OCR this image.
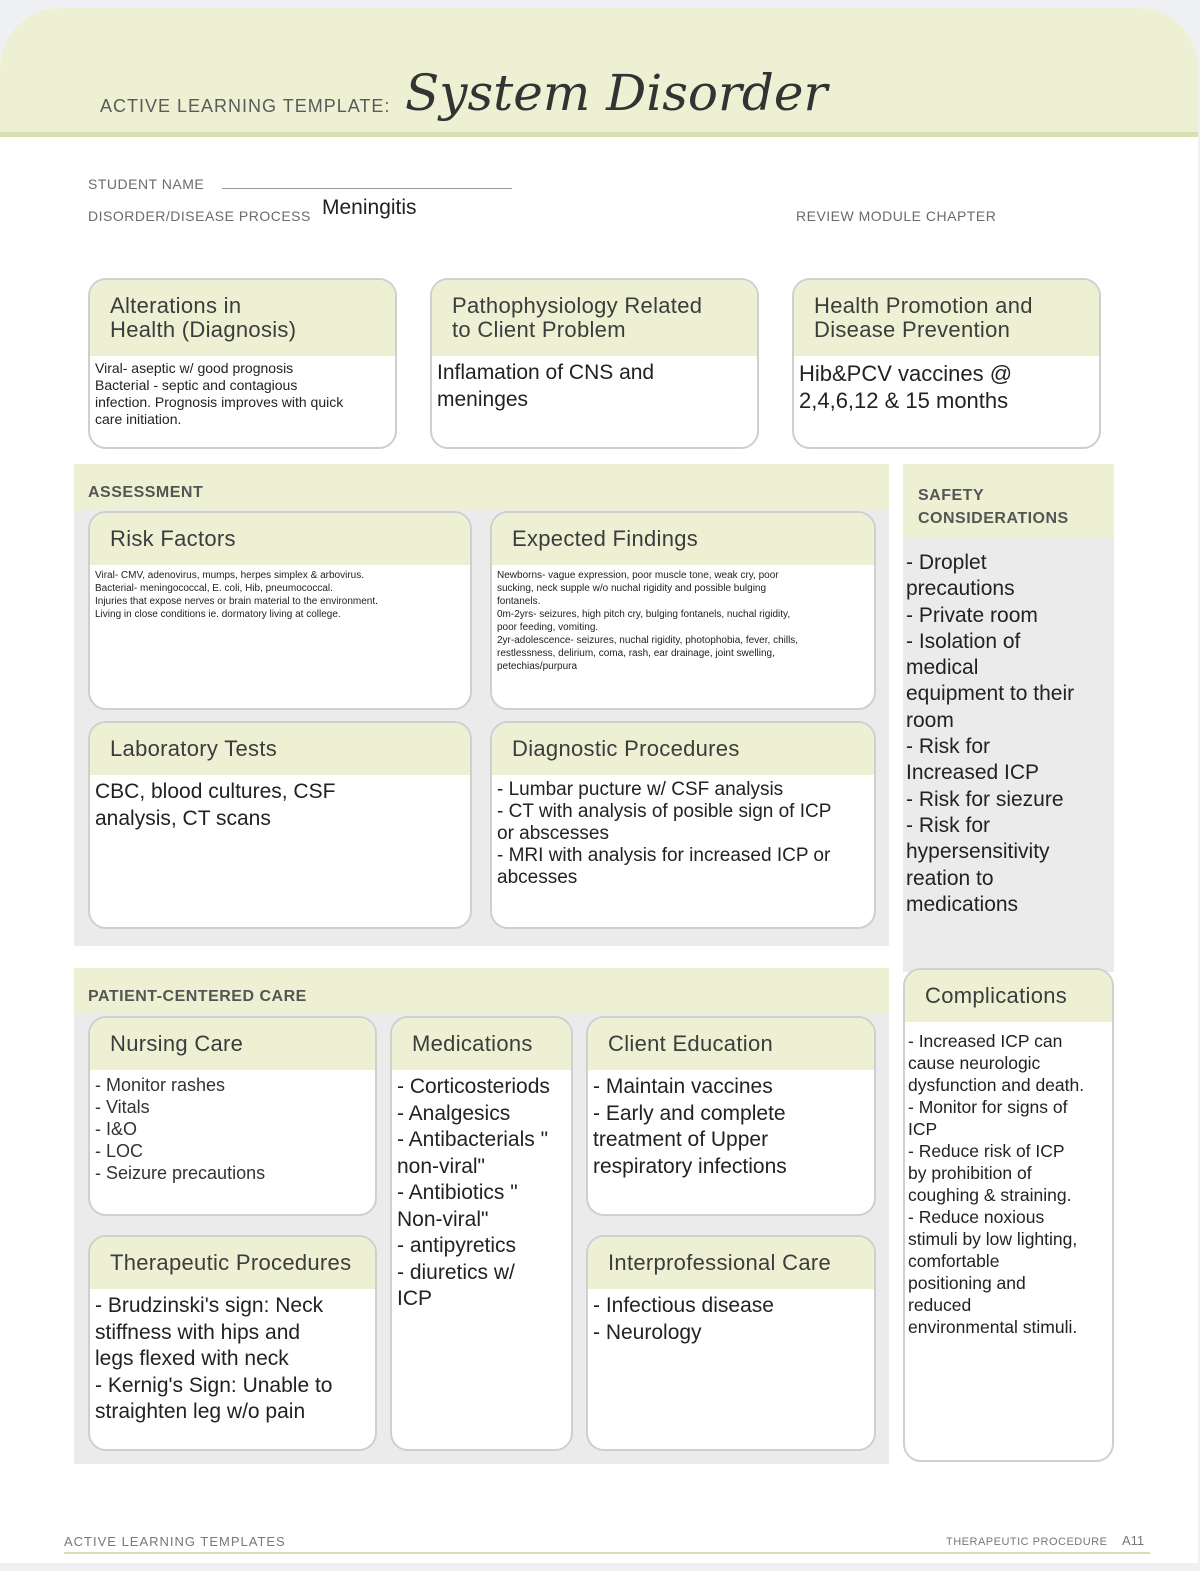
ACTIVE LEARNING TEMPLATE: System Disorder
STUDENT NAME
DISORDER/DISEASE PROCESS Meningitis	REVIEW MODULE CHAPTER
Alterations in
Health (Diagnosis)
Viral- aseptic w/ good prognosis
Bacterial - septic and contagious
infection. Prognosis improves with quick
care initiation.
Pathophysiology Related
to Client Problem
Inflamation of CNS and
meninges
Health Promotion and
Disease Prevention
Hib&PCV vaccines @
2,4,6,12 & 15 months
ASSESSMENT
Risk Factors
Viral- CMV, adenovirus, mumps, herpes simplex & arbovirus.
Bacterial- meningococcal, E. coli, Hib, pneumococcal.
Injuries that expose nerves or brain material to the environment.
Living in close conditions ie. dormatory living at college.
Expected Findings
Newborns- vague expression, poor muscle tone, weak cry, poor
sucking, neck supple w/o nuchal rigidity and possible bulging
fontanels.
0m-2yrs- seizures, high pitch cry, bulging fontanels, nuchal rigidity,
poor feeding, vomiting.
2yr-adolescence- seizures, nuchal rigidity, photophobia, fever, chills,
restlessness, delirium, coma, rash, ear drainage, joint swelling,
petechias/purpura
Laboratory Tests
CBC, blood cultures, CSF
analysis, CT scans
Diagnostic Procedures
- Lumbar pucture w/ CSF analysis
- CT with analysis of posible sign of ICP
or abscesses
- MRI with analysis for increased ICP or
abcesses
SAFETY
CONSIDERATIONS
- Droplet
precautions
- Private room
- Isolation of
medical
equipment to their
room
- Risk for
Increased ICP
- Risk for siezure
- Risk for
hypersensitivity
reation to
medications
PATIENT-CENTERED CARE
Nursing Care
- Monitor rashes
- Vitals
- I&O
- LOC
- Seizure precautions
Medications
- Corticosteriods
- Analgesics
- Antibacterials "
non-viral"
- Antibiotics "
Non-viral"
- antipyretics
- diuretics w/
ICP
Client Education
- Maintain vaccines
- Early and complete
treatment of Upper
respiratory infections
Therapeutic Procedures
- Brudzinski's sign: Neck
stiffness with hips and
legs flexed with neck
- Kernig's Sign: Unable to
straighten leg w/o pain
Interprofessional Care
- Infectious disease
- Neurology
Complications
- Increased ICP can
cause neurologic
dysfunction and death.
- Monitor for signs of
ICP
- Reduce risk of ICP
by prohibition of
coughing & straining.
- Reduce noxious
stimuli by low lighting,
comfortable
positioning and
reduced
environmental stimuli.
ACTIVE LEARNING TEMPLATES	THERAPEUTIC PROCEDURE A11
